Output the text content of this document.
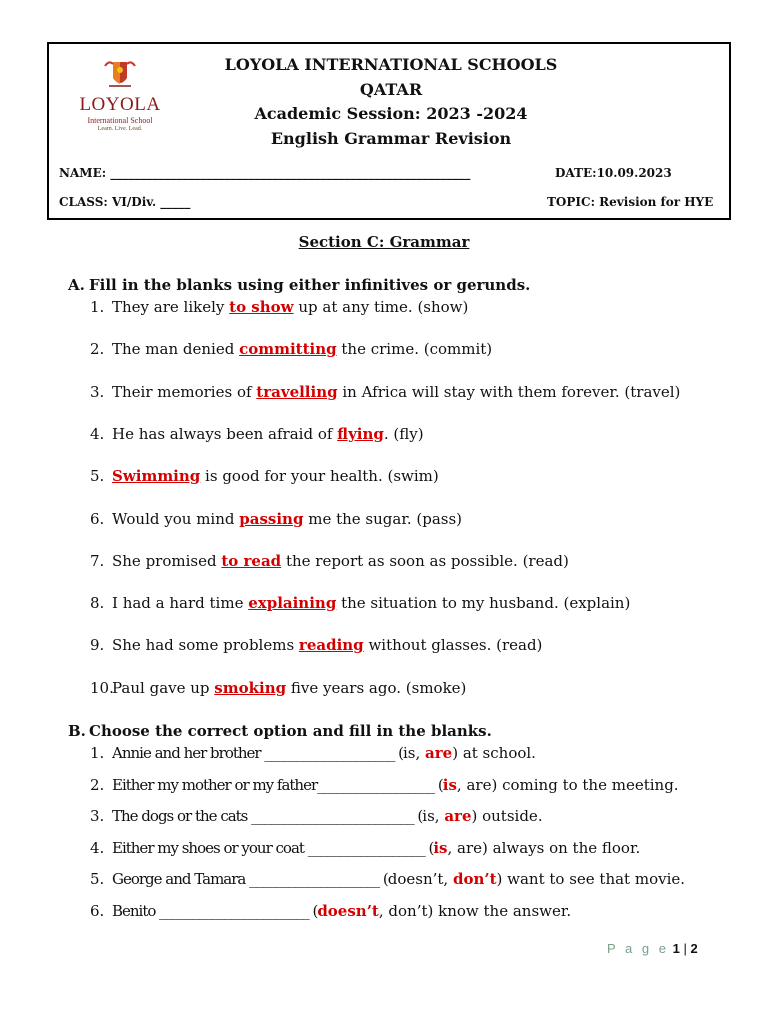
LOYOLA
International School
Learn. Live. Lead.
LOYOLA INTERNATIONAL SCHOOLS
QATAR
Academic Session: 2023 -2024
English Grammar Revision
NAME: ____________________________________________________________	DATE:10.09.2023
CLASS: VI/Div. _____	TOPIC: Revision for HYE
Section C: Grammar
A. Fill in the blanks using either infinitives or gerunds.
1. They are likely to show up at any time. (show)
2. The man denied committing the crime. (commit)
3. Their memories of travelling in Africa will stay with them forever. (travel)
4. He has always been afraid of flying. (fly)
5. Swimming is good for your health. (swim)
6. Would you mind passing me the sugar. (pass)
7. She promised to read the report as soon as possible. (read)
8. I had a hard time explaining the situation to my husband. (explain)
9. She had some problems reading without glasses. (read)
10.Paul gave up smoking five years ago. (smoke)
B. Choose the correct option and fill in the blanks.
1. Annie and her brother ____________________ (is, are) at school.
2. Either my mother or my father__________________ (is, are) coming to the meeting.
3. The dogs or the cats _________________________ (is, are) outside.
4. Either my shoes or your coat __________________ (is, are) always on the floor.
5. George and Tamara ____________________ (doesn’t, don’t) want to see that movie.
6. Benito _______________________ (doesn’t, don’t) know the answer.
P a g e 1 | 2
